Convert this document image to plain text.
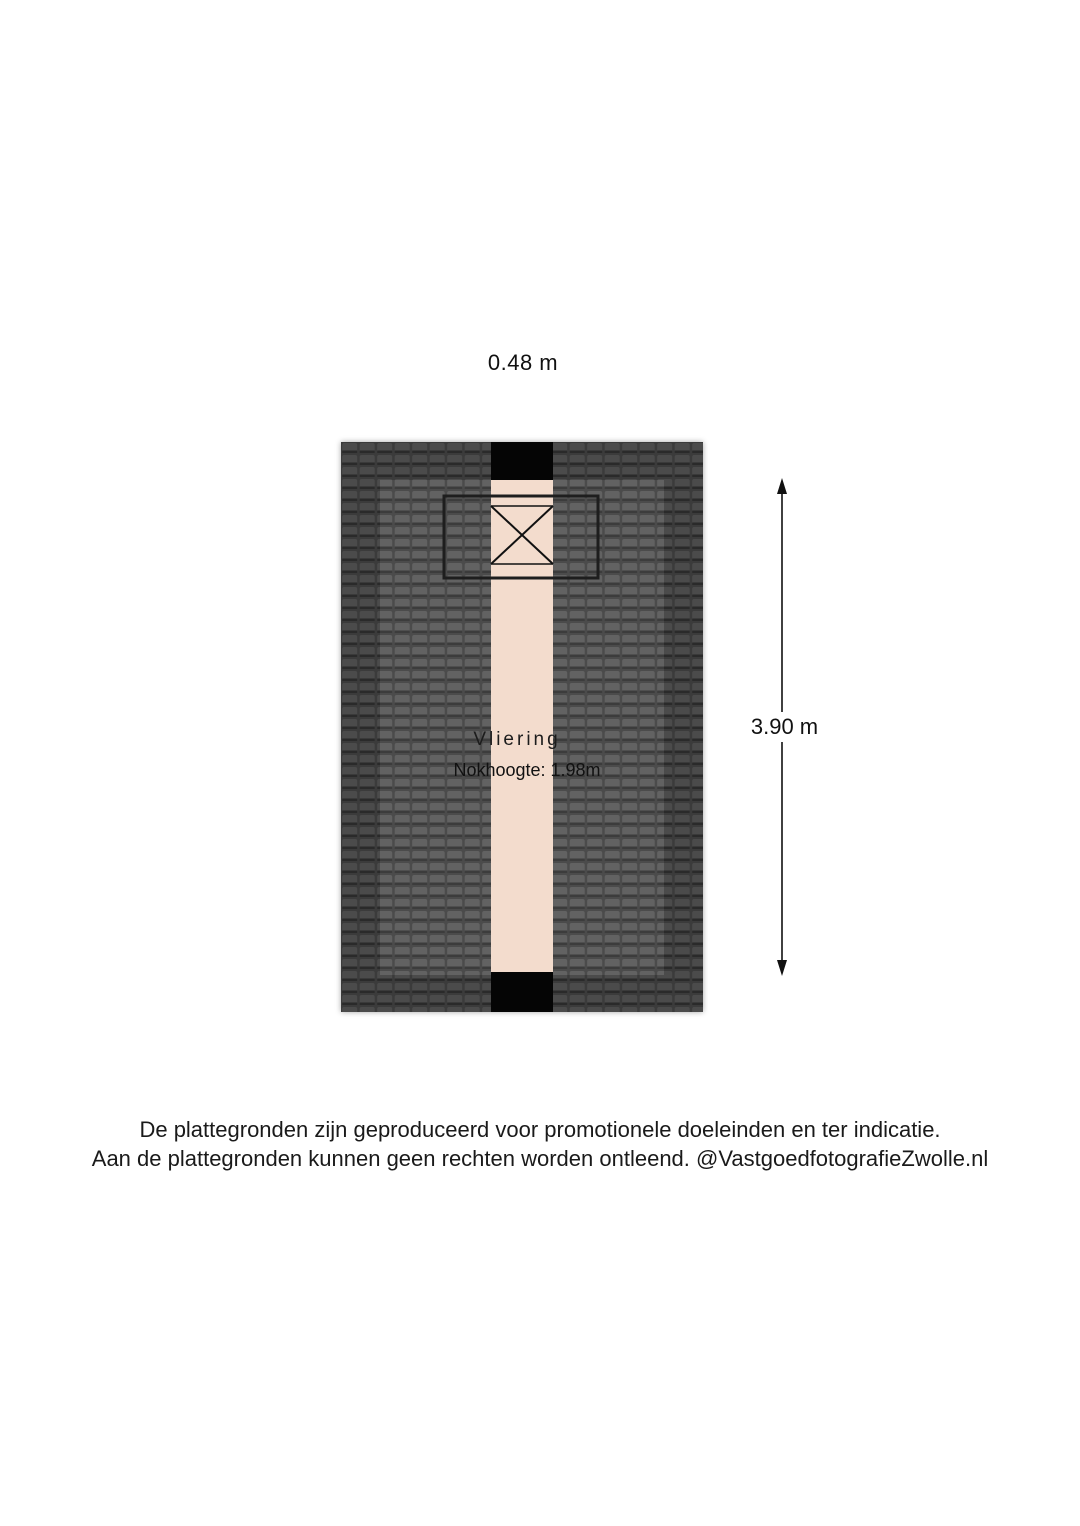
0.48 m
3.90 m
Vliering
Nokhoogte: 1.98m
De plattegronden zijn geproduceerd voor promotionele doeleinden en ter indicatie.
Aan de plattegronden kunnen geen rechten worden ontleend. @VastgoedfotografieZwolle.nl
